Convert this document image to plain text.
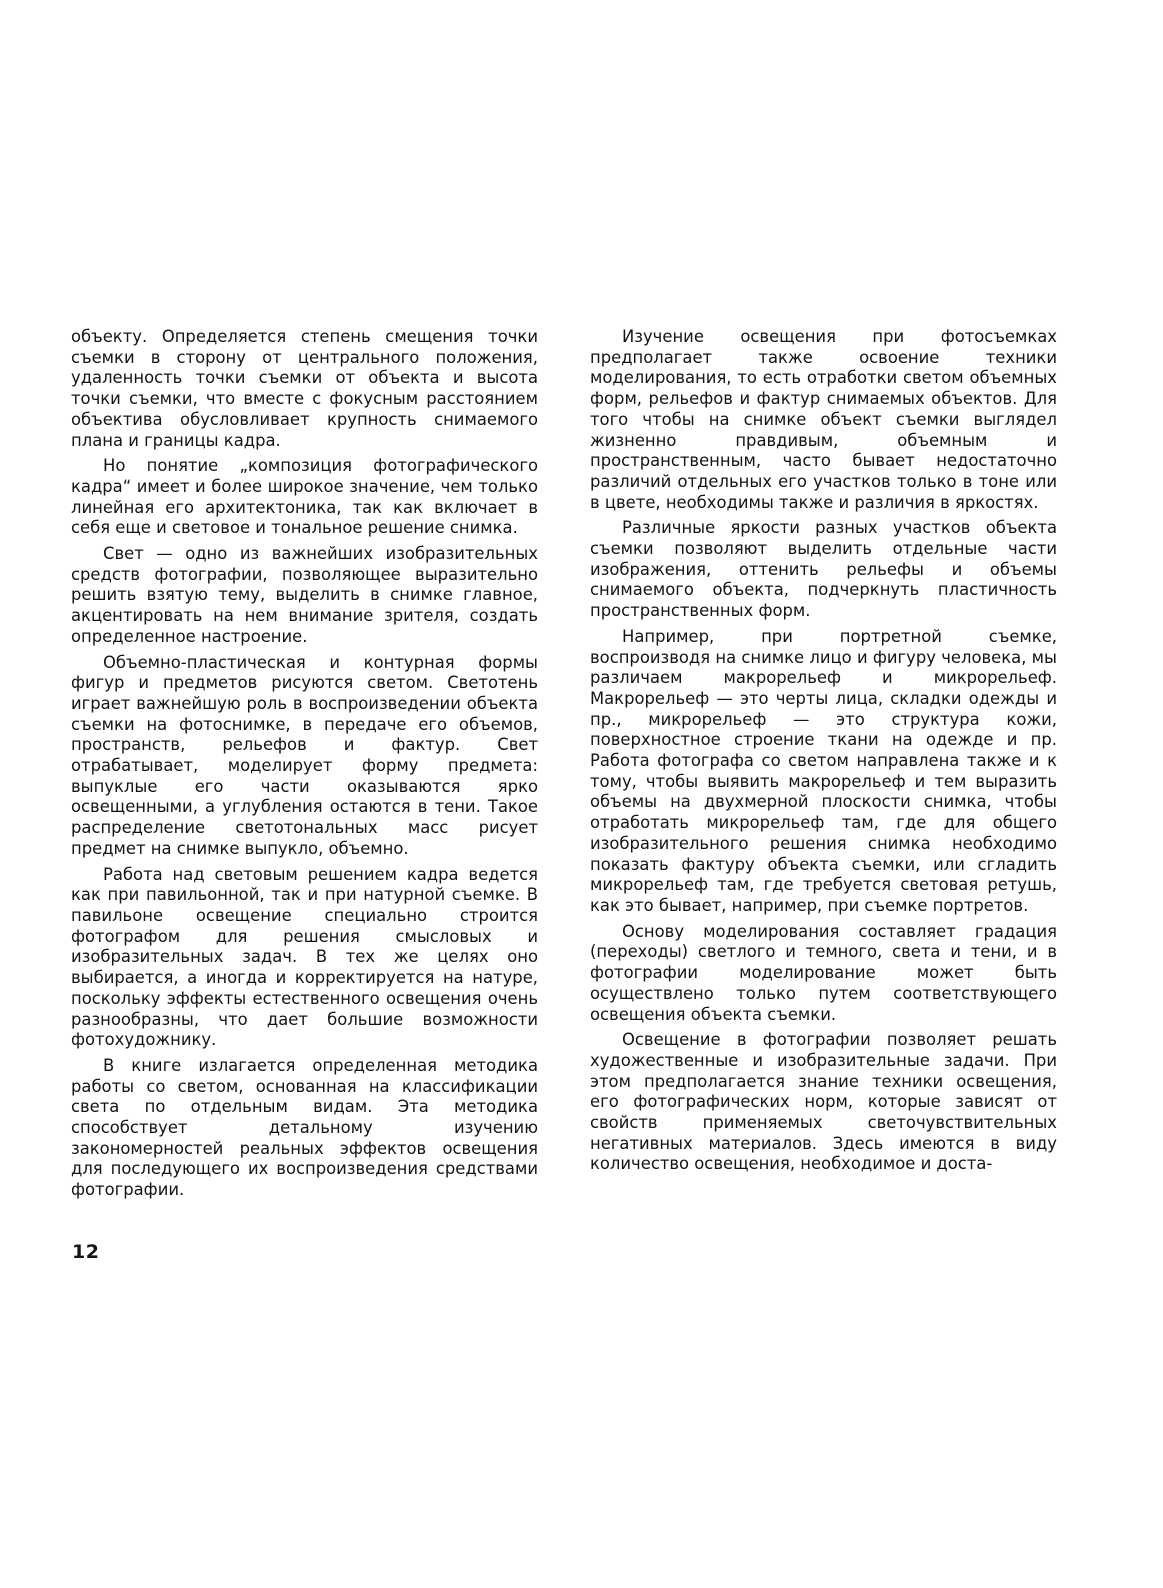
объекту. Определяется степень смещения точки съемки в сторону от центрального положения, удаленность точки съемки от объекта и высота точки съемки, что вместе с фокусным расстоянием объектива обусловливает крупность снимаемого плана и границы кадра.

Но понятие „композиция фотографического кадра“ имеет и более широкое значение, чем только линейная его архитектоника, так как включает в себя еще и световое и тональное решение снимка.

Свет — одно из важнейших изобразительных средств фотографии, позволяющее выразительно решить взятую тему, выделить в снимке главное, акцентировать на нем внимание зрителя, создать определенное настроение.

Объемно-пластическая и контурная формы фигур и предметов рисуются светом. Светотень играет важнейшую роль в воспроизведении объекта съемки на фотоснимке, в передаче его объемов, пространств, рельефов и фактур. Свет отрабатывает, моделирует форму предмета: выпуклые его части оказываются ярко освещенными, а углубления остаются в тени. Такое распределение светотональных масс рисует предмет на снимке выпукло, объемно.

Работа над световым решением кадра ведется как при павильонной, так и при натурной съемке. В павильоне освещение специально строится фотографом для решения смысловых и изобразительных задач. В тех же целях оно выбирается, а иногда и корректируется на натуре, поскольку эффекты естественного освещения очень разнообразны, что дает большие возможности фотохудожнику.

В книге излагается определенная методика работы со светом, основанная на классификации света по отдельным видам. Эта методика способствует детальному изучению закономерностей реальных эффектов освещения для последующего их воспроизведения средствами фотографии.

Изучение освещения при фотосъемках предполагает также освоение техники моделирования, то есть отработки светом объемных форм, рельефов и фактур снимаемых объектов. Для того чтобы на снимке объект съемки выглядел жизненно правдивым, объемным и пространственным, часто бывает недостаточно различий отдельных его участков только в тоне или в цвете, необходимы также и различия в яркостях.

Различные яркости разных участков объекта съемки позволяют выделить отдельные части изображения, оттенить рельефы и объемы снимаемого объекта, подчеркнуть пластичность пространственных форм.

Например, при портретной съемке, воспроизводя на снимке лицо и фигуру человека, мы различаем макрорельеф и микрорельеф. Макрорельеф — это черты лица, складки одежды и пр., микрорельеф — это структура кожи, поверхностное строение ткани на одежде и пр. Работа фотографа со светом направлена также и к тому, чтобы выявить макрорельеф и тем выразить объемы на двухмерной плоскости снимка, чтобы отработать микрорельеф там, где для общего изобразительного решения снимка необходимо показать фактуру объекта съемки, или сгладить микрорельеф там, где требуется световая ретушь, как это бывает, например, при съемке портретов.

Основу моделирования составляет градация (переходы) светлого и темного, света и тени, и в фотографии моделирование может быть осуществлено только путем соответствующего освещения объекта съемки.

Освещение в фотографии позволяет решать художественные и изобразительные задачи. При этом предполагается знание техники освещения, его фотографических норм, которые зависят от свойств применяемых светочувствительных негативных материалов. Здесь имеются в виду количество освещения, необходимое и доста-

12
